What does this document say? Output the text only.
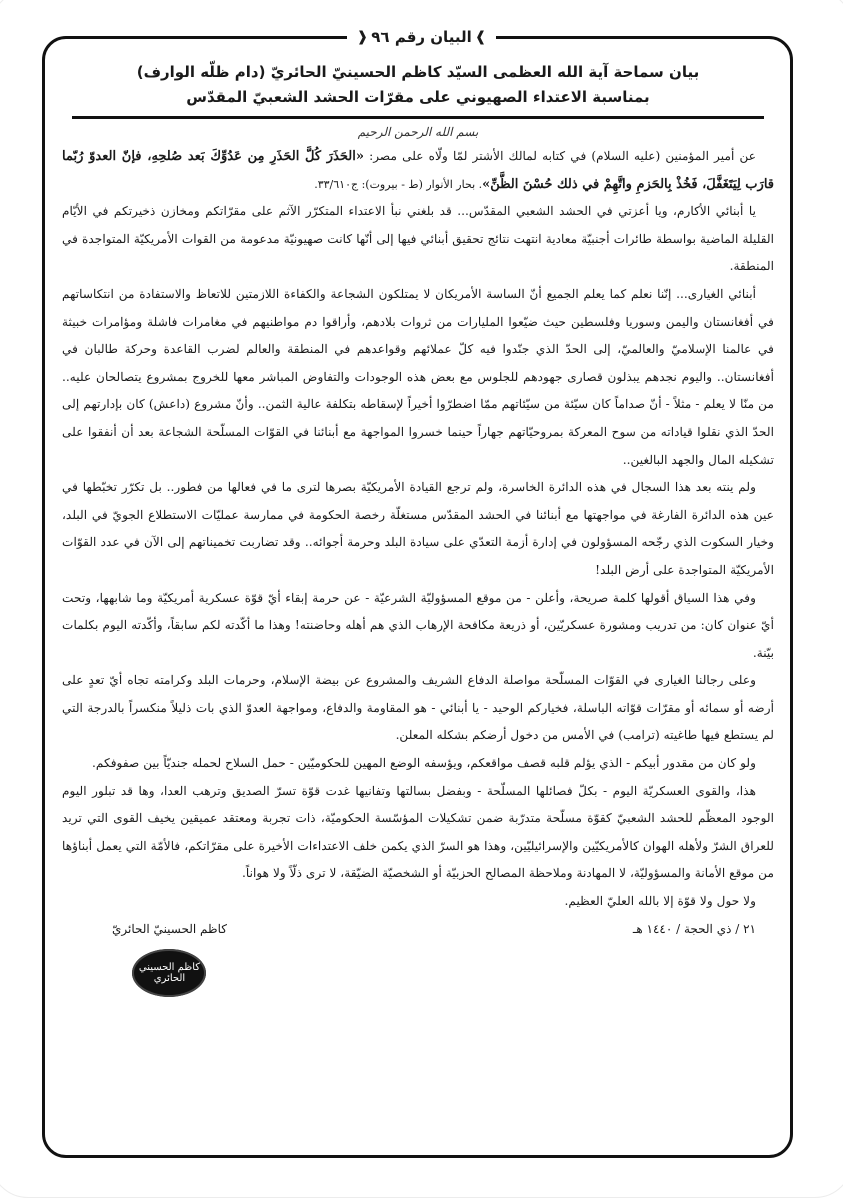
❱
البيان رقم ٩٦
❰

بيان سماحة آية الله العظمى السيّد كاظم الحسينيّ الحائريّ (دام ظلّه الوارف)

بمناسبة الاعتداء الصهيوني على مقرّات الحشد الشعبيّ المقدّس

بسم الله الرحمن الرحيم

عن أمير المؤمنين (عليه السلام) في كتابه لمالك الأشتر لمّا ولّاه على مصر: «الحَذَرَ كُلَّ الحَذَرِ مِن عَدُوِّكَ بَعد صُلحِهِ، فإنّ العدوّ رُبّما قارَب لِيَتَغَفَّلَ، فَخُذْ بِالحَزمِ واتَّهِمْ في ذلك حُسْنَ الظَّنِّ». بحار الأنوار (ط - بيروت): ج٣٣/٦١٠.

يا أبنائي الأكارم، ويا أعزتي في الحشد الشعبي المقدّس... قد بلغني نبأ الاعتداء المتكرّر الآثم على مقرّاتكم ومخازن ذخيرتكم في الأيّام القليلة الماضية بواسطة طائرات أجنبيّة معادية انتهت نتائج تحقيق أبنائي فيها إلى أنّها كانت صهيونيّة مدعومة من القوات الأمريكيّة المتواجدة في المنطقة.

أبنائي الغيارى... إنّنا نعلم كما يعلم الجميع أنّ الساسة الأمريكان لا يمتلكون الشجاعة والكفاءة اللازمتين للاتعاظ والاستفادة من انتكاساتهم في أفغانستان واليمن وسوريا وفلسطين حيث ضيّعوا المليارات من ثروات بلادهم، وأراقوا دم مواطنيهم في مغامرات فاشلة ومؤامرات خبيثة في عالمنا الإسلاميّ والعالميّ، إلى الحدّ الذي جنّدوا فيه كلّ عملائهم وقواعدهم في المنطقة والعالم لضرب القاعدة وحركة طالبان في أفغانستان.. واليوم نجدهم يبذلون قصارى جهودهم للجلوس مع بعض هذه الوجودات والتفاوض المباشر معها للخروج بمشروع يتصالحان عليه.. من منّا لا يعلم - مثلاً - أنّ صداماً كان سيّئة من سيّئاتهم ممّا اضطرّوا أخيراً لإسقاطه بتكلفة عالية الثمن.. وأنّ مشروع (داعش) كان بإدارتهم إلى الحدّ الذي نقلوا قياداته من سوح المعركة بمروحيّاتهم جهاراً حينما خسروا المواجهة مع أبنائنا في القوّات المسلّحة الشجاعة بعد أن أنفقوا على تشكيله المال والجهد البالغين..

ولم ينته بعد هذا السجال في هذه الدائرة الخاسرة، ولم ترجع القيادة الأمريكيّة بصرها لترى ما في فعالها من فطور.. بل تكرّر تخبّطها في عين هذه الدائرة الفارغة في مواجهتها مع أبنائنا في الحشد المقدّس مستغلّة رخصة الحكومة في ممارسة عمليّات الاستطلاع الجويّ في البلد، وخيار السكوت الذي رجّحه المسؤولون في إدارة أزمة التعدّي على سيادة البلد وحرمة أجوائه.. وقد تضاربت تخميناتهم إلى الآن في عدد القوّات الأمريكيّة المتواجدة على أرض البلد!

وفي هذا السياق أقولها كلمة صريحة، وأعلن - من موقع المسؤوليّة الشرعيّة - عن حرمة إبقاء أيّ قوّة عسكرية أمريكيّة وما شابهها، وتحت أيّ عنوان كان: من تدريب ومشورة عسكريّين، أو ذريعة مكافحة الإرهاب الذي هم أهله وحاضنته! وهذا ما أكّدته لكم سابقاً، وأكّدته اليوم بكلمات بيّنة.

وعلى رجالنا الغيارى في القوّات المسلّحة مواصلة الدفاع الشريف والمشروع عن بيضة الإسلام، وحرمات البلد وكرامته تجاه أيّ تعدٍ على أرضه أو سمائه أو مقرّات قوّاته الباسلة، فخياركم الوحيد - يا أبنائي - هو المقاومة والدفاع، ومواجهة العدوّ الذي بات ذليلاً منكسراً بالدرجة التي لم يستطع فيها طاغيته (ترامب) في الأمس من دخول أرضكم بشكله المعلن.

ولو كان من مقدور أبيكم - الذي يؤلم قلبه قصف مواقعكم، ويؤسفه الوضع المهين للحكوميّين - حمل السلاح لحمله جنديّاً بين صفوفكم.

هذا، والقوى العسكريّة اليوم - بكلّ فصائلها المسلّحة - وبفضل بسالتها وتفانيها غدت قوّة تسرّ الصديق وترهب العدا، وها قد تبلور اليوم الوجود المعظّم للحشد الشعبيّ كقوّة مسلّحة متدرّبة ضمن تشكيلات المؤسّسة الحكوميّة، ذات تجربة ومعتقد عميقين يخيف القوى التي تريد للعراق الشرّ ولأهله الهوان كالأمريكيّين والإسرائيليّين، وهذا هو السرّ الذي يكمن خلف الاعتداءات الأخيرة على مقرّاتكم، فالأمّة التي يعمل أبناؤها من موقع الأمانة والمسؤوليّة، لا المهادنة وملاحظة المصالح الحزبيّة أو الشخصيّة الضيّقة، لا ترى ذلّاً ولا هواناً.

ولا حول ولا قوّة إلا بالله العليّ العظيم.

٢١ / ذي الحجة / ١٤٤٠ هـ
كاظم الحسينيّ الحائريّ
كاظم الحسيني الحائري
